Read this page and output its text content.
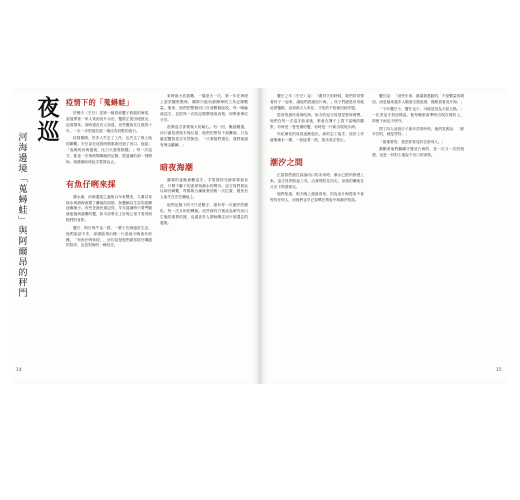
夜巡
河海邊境「蒐蟳蛙」與阿爾昂的秤門
疫情下的「蒐蟳蛙」

許俊夫（宏仔）是第一個看到蟹子蒞臨的海尾，當他帶著一家人來到這片水田，蟹群正從田埂竄出，迎面撲來。那時還沒有人知道，這些蟹會在往後的十年，一步一步把他拉進一場沒有終點的夜行。

疫情期間，許多人失去了工作，也失去了與土地的聯繫。宏仔卻在這段時間重新回到了河口，他說：「夜晚的河海邊境，比白天還要熱鬧。」每一次巡守，都是一次與時間賽跑的記錄，從退潮的那一刻開始，到漲潮前收起手電筒為止。

有魚仔咧來採

濁水溪、河海邊境之處幾百年來豐美，九溝以來抽水與填海改變了灘地的面貌，魚蟹賴以生存的泥灘逐漸縮小。有些老漁民還記得，早年退潮時只要彎腰就能撿到滿簍的蟹，如今卻要走上好幾公里才看得到牠們的身影。

蟹仔、阿仔與牛為一群，一輩子在海邊討生活，他們說話不多，卻總能指出哪一片泥地今晚會有收穫。「有魚仔咧來採」，這句話是他們最常掛在嘴邊的招呼，也是對海的一種信任。

來時最大的挑戰，一場是天一次，第一年在海堤上架設觀察點時，團隊只能用最簡單的工具記錄數量。後來，他們把整個河口分成數個區段，每一晚輪流巡守，並把每一次的記錄整理成表格，和學術單位分享。

夜間巡守需要極大的耐心。有一回，颱風剛過，河口滿是漂流木與垃圾，他們仍堅持下到灘地，只為確認蟹群是否安然無恙。「只要牠們還在，我們就還有理由繼續。」

暗夜海潮

濃霧的夜晚最難巡守，手電筒的光線被霧氣吞沒，只剩下腳下的泥濘與潮水的聲音。巡守員們彼此以哨音聯繫，每隔幾分鐘就要回報一次位置，避免有人迷失在茫茫灘地上。

他們記錄下的不只是數字，還有每一次潮汐的變化、每一次月相的轉換。這些資料日後成為研究河口生態的重要依據，也讓更多人開始關注這片被遺忘的邊境。

14

蟹仔之年（宏仔）說：「禮拜天的時候，我們常常帶著孩子一起來，讓他們認識這片海。」孩子們總是好奇地追著蟹跑，直到被大人叫住，才依依不捨地回到岸邊。

從前的漁民靠海吃海，如今的巡守員則是替海發聲。他們在每一次巡守結束後，都會在簿子上寫下當晚的觀察，有時是一隻受傷的蟹，有時是一片新出現的沙洲。

年紀漸長的成員逐漸退出，新的志工接手，這份工作就像潮水一樣，一波接著一波，從未真正停止。

潮汐之間

正當我們還在談論河口的未來時，潮水已經悄悄漫上來。巡守員們收起工具，沿著堤防往回走，身後的灘地在月光下閃著微光。

他們知道，明天晚上還會再來，因為這片海從來不會等待任何人，而他們也早已習慣在黑夜中與潮汐對話。

蟹仔說：「這些年來，最讓我感動的，不是數量的增加，而是越來越多人願意走進夜裡，親眼看看這片海。」

「今年蟹仔少，蟹仔也少，可能是因為天氣太熱。」一位老巡守員這樣說。他每晚都會準時出現在堤防上，即使下雨也不例外。

問了四人這段日子最辛苦的時刻，他們笑著說：「最辛苦的，就是等待。」

「最重要的，是把你看見的告訴別人。」

激勵著他們繼續守護這片海的，是一次又一次的相遇，也是一份對土地說不出口的深情。

15
